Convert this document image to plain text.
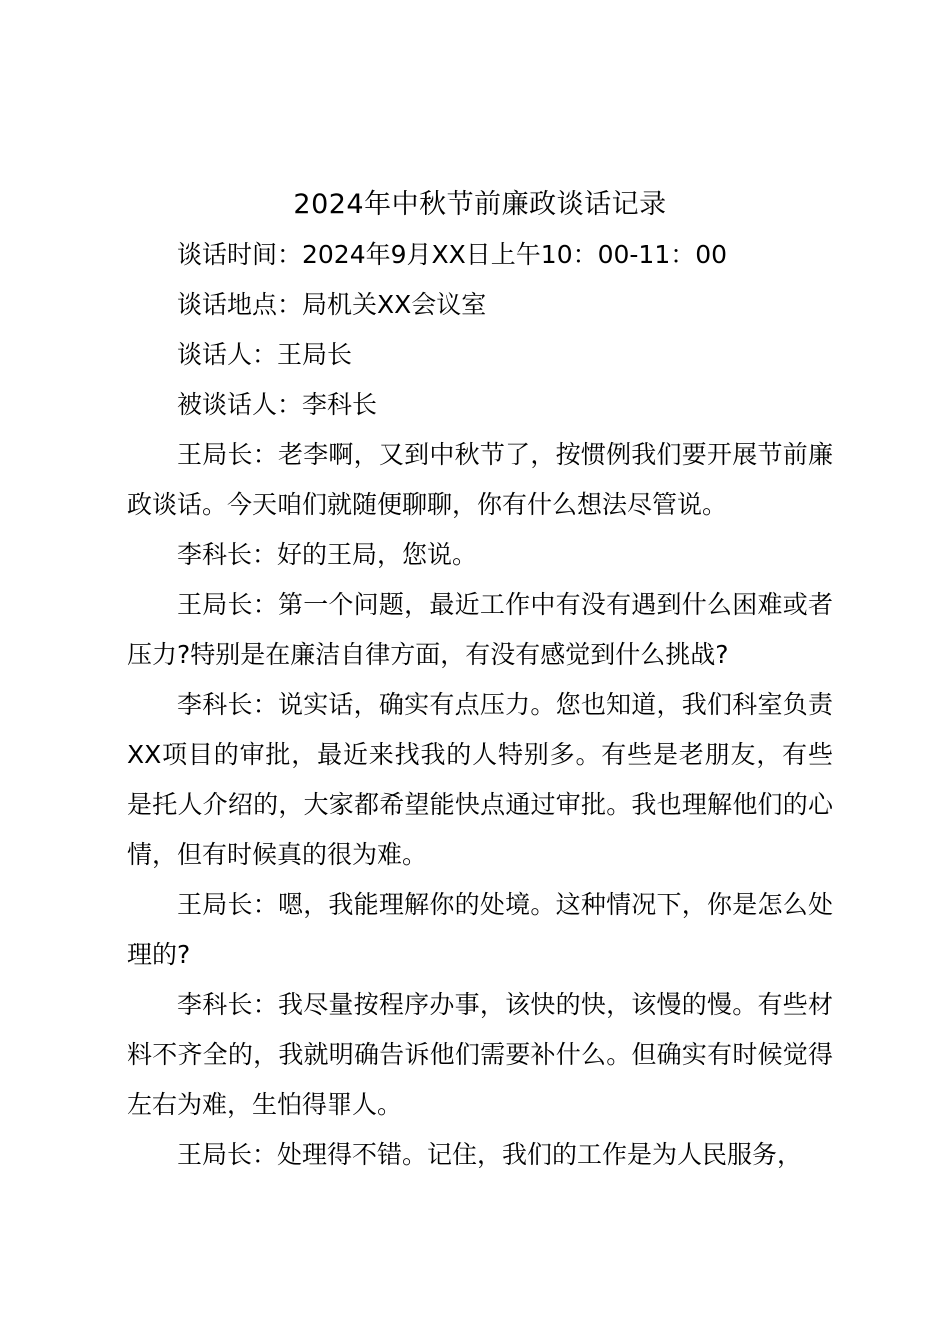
2024年中秋节前廉政谈话记录

谈话时间：2024年9月XX日上午10：00-11：00

谈话地点：局机关XX会议室

谈话人：王局长

被谈话人：李科长

王局长：老李啊，又到中秋节了，按惯例我们要开展节前廉政谈话。今天咱们就随便聊聊，你有什么想法尽管说。

李科长：好的王局，您说。

王局长：第一个问题，最近工作中有没有遇到什么困难或者压力?特别是在廉洁自律方面，有没有感觉到什么挑战?

李科长：说实话，确实有点压力。您也知道，我们科室负责XX项目的审批，最近来找我的人特别多。有些是老朋友，有些是托人介绍的，大家都希望能快点通过审批。我也理解他们的心情，但有时候真的很为难。

王局长：嗯，我能理解你的处境。这种情况下，你是怎么处理的?

李科长：我尽量按程序办事，该快的快，该慢的慢。有些材料不齐全的，我就明确告诉他们需要补什么。但确实有时候觉得左右为难，生怕得罪人。

王局长：处理得不错。记住，我们的工作是为人民服务，
